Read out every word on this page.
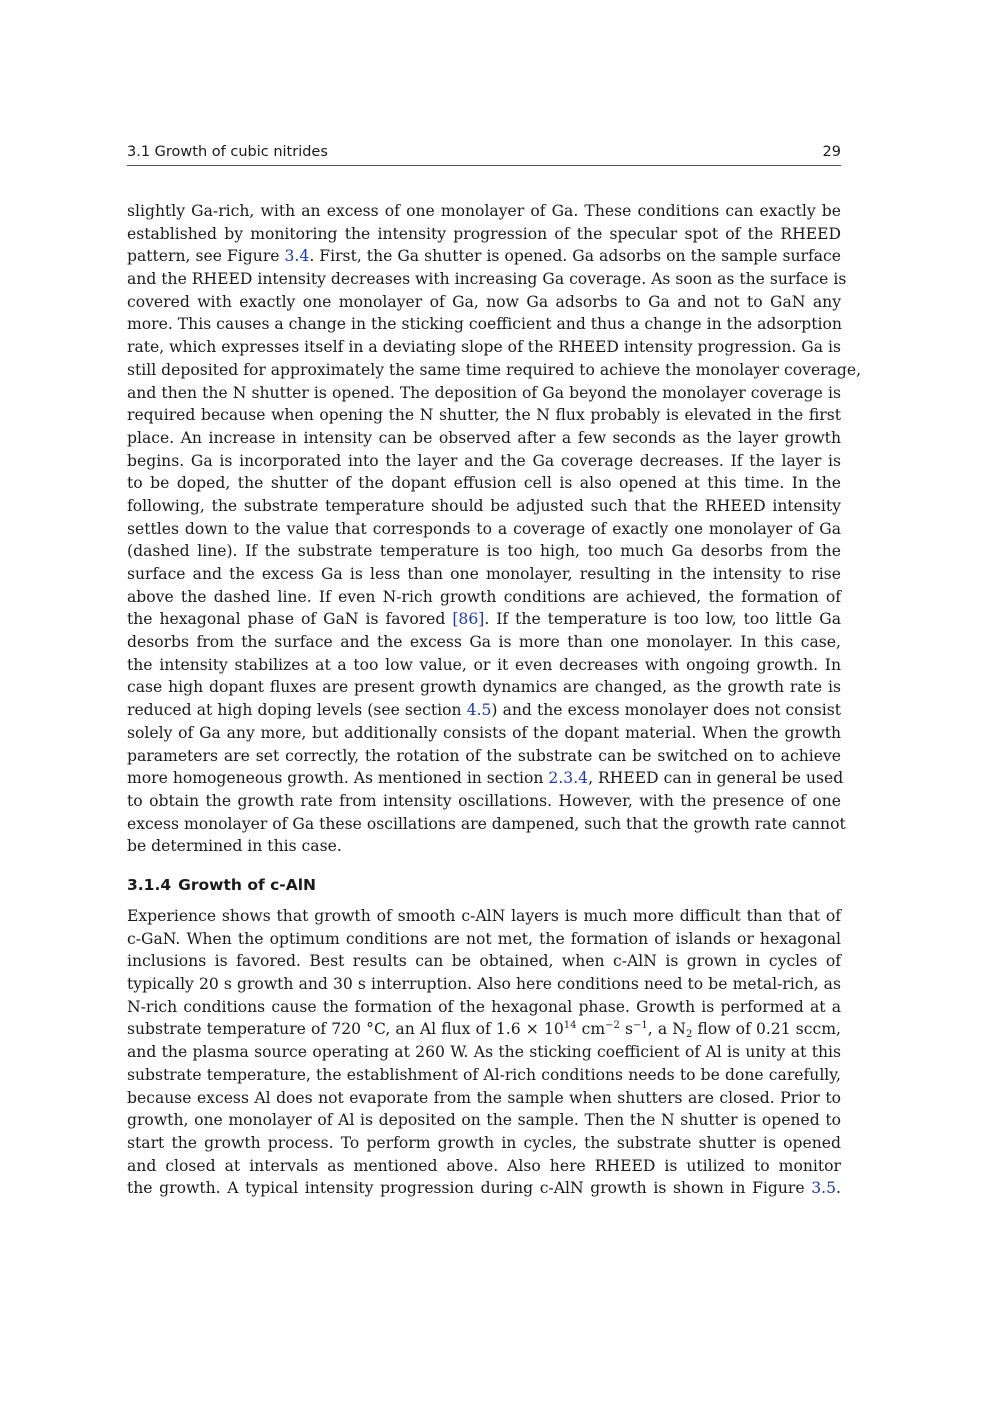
3.1 Growth of cubic nitrides	29
slightly Ga-rich, with an excess of one monolayer of Ga. These conditions can exactly be
established by monitoring the intensity progression of the specular spot of the RHEED
pattern, see Figure 3.4. First, the Ga shutter is opened. Ga adsorbs on the sample surface
and the RHEED intensity decreases with increasing Ga coverage. As soon as the surface is
covered with exactly one monolayer of Ga, now Ga adsorbs to Ga and not to GaN any
more. This causes a change in the sticking coefficient and thus a change in the adsorption
rate, which expresses itself in a deviating slope of the RHEED intensity progression. Ga is
still deposited for approximately the same time required to achieve the monolayer coverage,
and then the N shutter is opened. The deposition of Ga beyond the monolayer coverage is
required because when opening the N shutter, the N flux probably is elevated in the first
place. An increase in intensity can be observed after a few seconds as the layer growth
begins. Ga is incorporated into the layer and the Ga coverage decreases. If the layer is
to be doped, the shutter of the dopant effusion cell is also opened at this time. In the
following, the substrate temperature should be adjusted such that the RHEED intensity
settles down to the value that corresponds to a coverage of exactly one monolayer of Ga
(dashed line). If the substrate temperature is too high, too much Ga desorbs from the
surface and the excess Ga is less than one monolayer, resulting in the intensity to rise
above the dashed line. If even N-rich growth conditions are achieved, the formation of
the hexagonal phase of GaN is favored [86]. If the temperature is too low, too little Ga
desorbs from the surface and the excess Ga is more than one monolayer. In this case,
the intensity stabilizes at a too low value, or it even decreases with ongoing growth. In
case high dopant fluxes are present growth dynamics are changed, as the growth rate is
reduced at high doping levels (see section 4.5) and the excess monolayer does not consist
solely of Ga any more, but additionally consists of the dopant material. When the growth
parameters are set correctly, the rotation of the substrate can be switched on to achieve
more homogeneous growth. As mentioned in section 2.3.4, RHEED can in general be used
to obtain the growth rate from intensity oscillations. However, with the presence of one
excess monolayer of Ga these oscillations are dampened, such that the growth rate cannot
be determined in this case.
3.1.4 Growth of c-AlN
Experience shows that growth of smooth c-AlN layers is much more difficult than that of
c-GaN. When the optimum conditions are not met, the formation of islands or hexagonal
inclusions is favored. Best results can be obtained, when c-AlN is grown in cycles of
typically 20 s growth and 30 s interruption. Also here conditions need to be metal-rich, as
N-rich conditions cause the formation of the hexagonal phase. Growth is performed at a
substrate temperature of 720 °C, an Al flux of $1.6 \times 10^{14}$ $cm^{-2}$ $s^{-1}$, a $N_2$ flow of 0.21 sccm,
and the plasma source operating at 260 W. As the sticking coefficient of Al is unity at this
substrate temperature, the establishment of Al-rich conditions needs to be done carefully,
because excess Al does not evaporate from the sample when shutters are closed. Prior to
growth, one monolayer of Al is deposited on the sample. Then the N shutter is opened to
start the growth process. To perform growth in cycles, the substrate shutter is opened
and closed at intervals as mentioned above. Also here RHEED is utilized to monitor
the growth. A typical intensity progression during c-AlN growth is shown in Figure 3.5.
